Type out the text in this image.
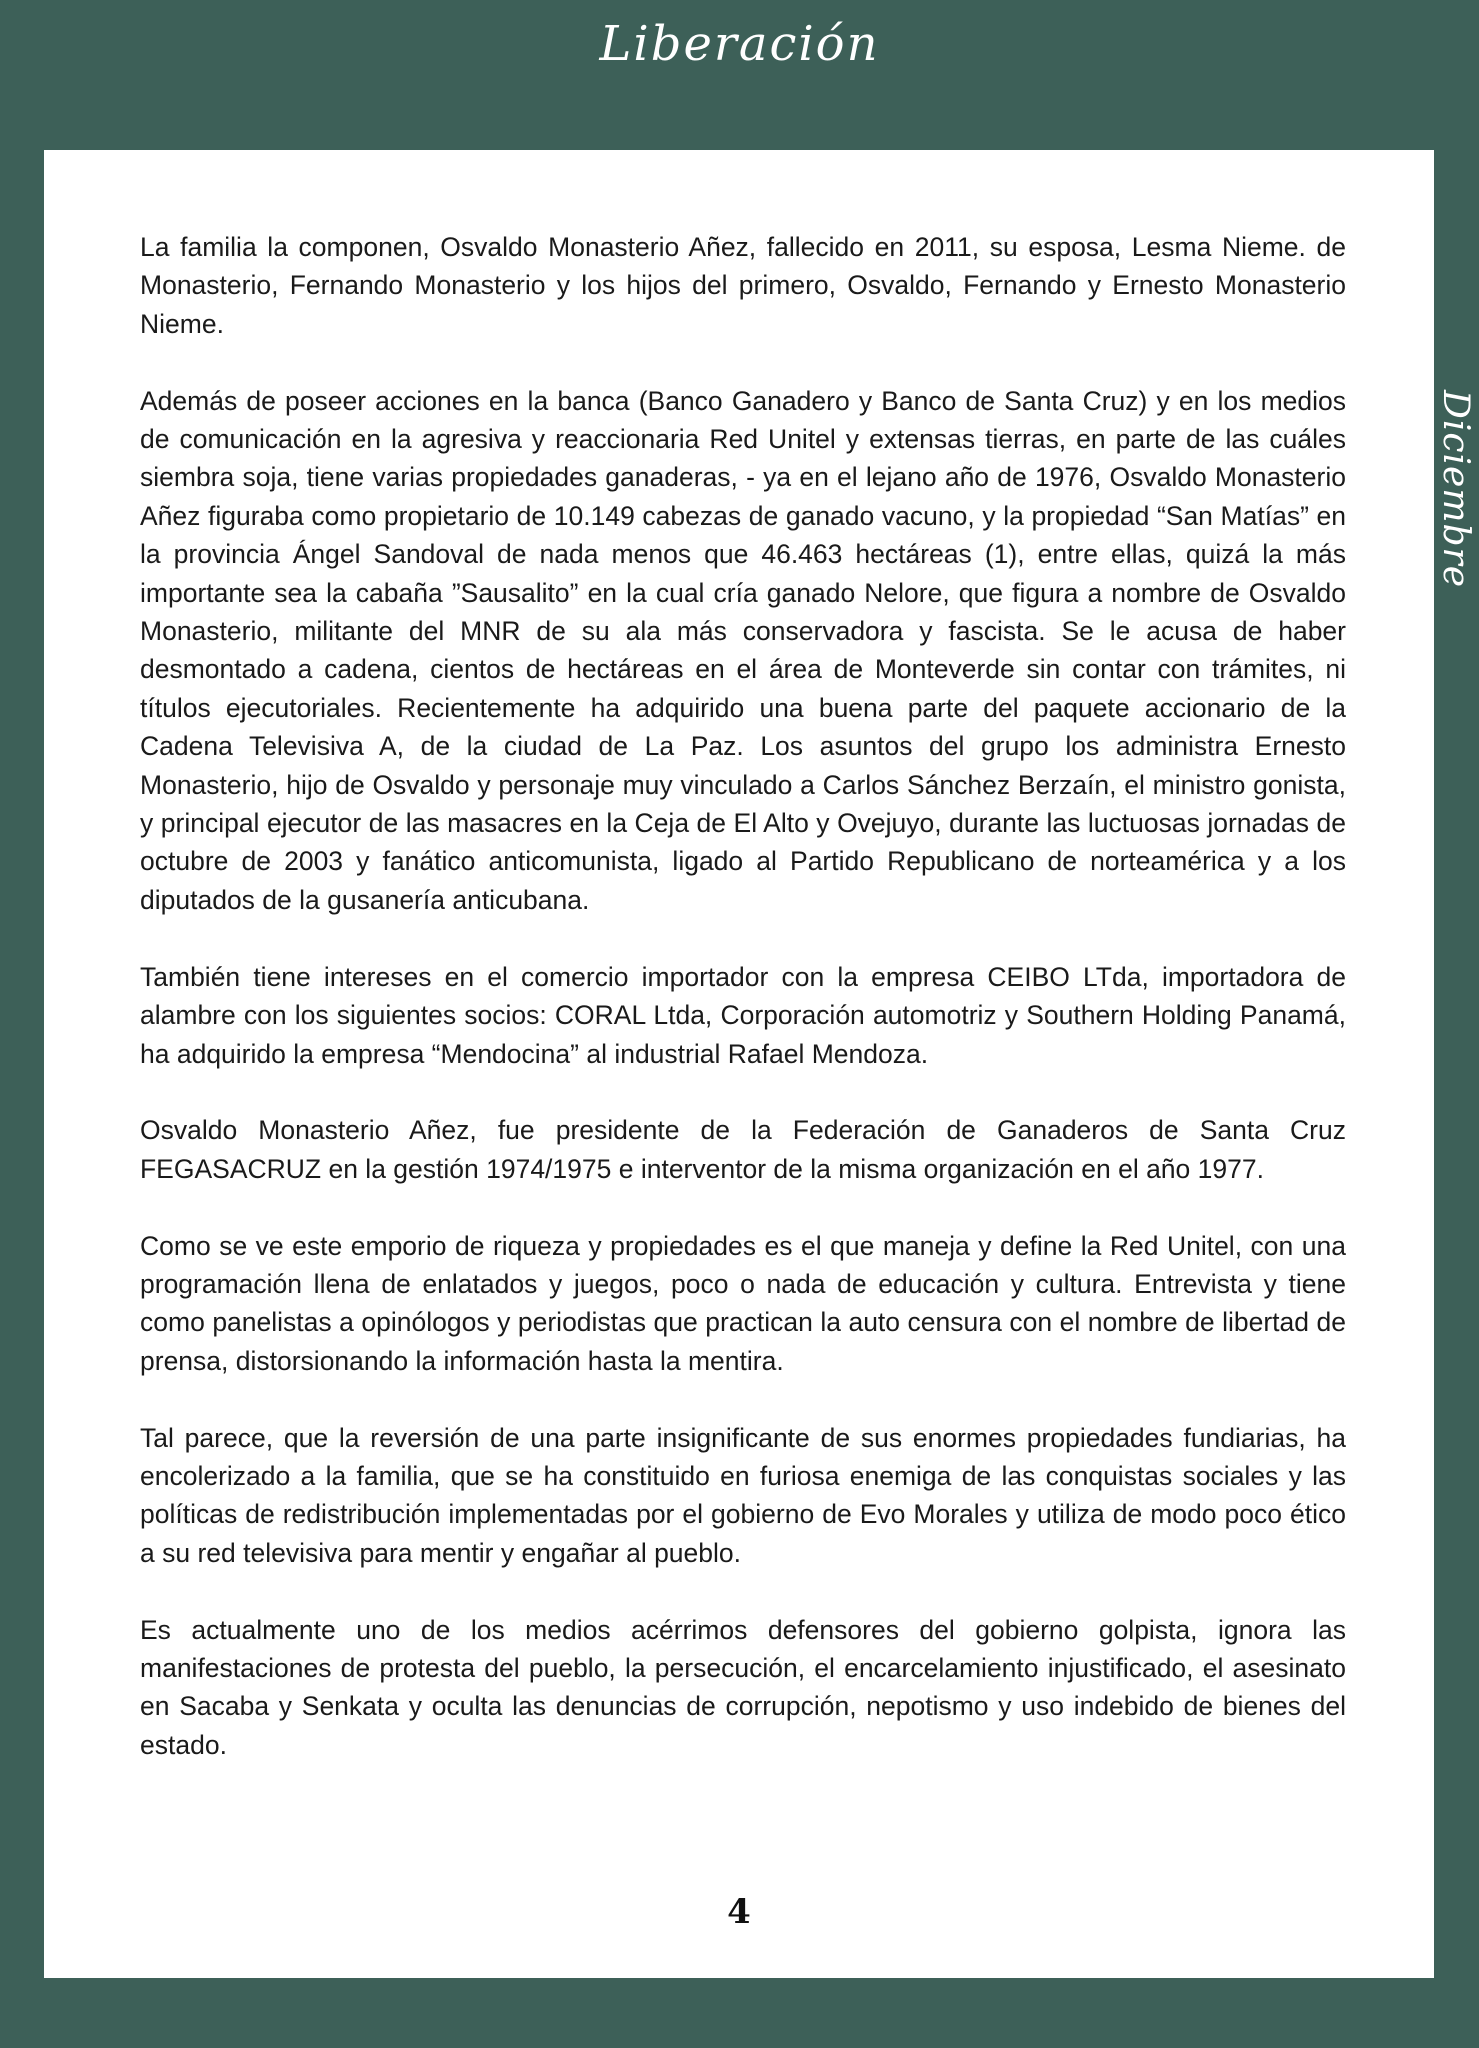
Liberación
Diciembre

La familia la componen, Osvaldo Monasterio Añez, fallecido en 2011, su esposa, Lesma Nieme. de Monasterio, Fernando Monasterio y los hijos del primero, Osvaldo, Fernando y Ernesto Monasterio Nieme.

Además de poseer acciones en la banca (Banco Ganadero y Banco de Santa Cruz) y en los medios de comunicación en la agresiva y reaccionaria Red Unitel y extensas tierras, en parte de las cuáles siembra soja, tiene varias propiedades ganaderas, - ya en el lejano año de 1976, Osvaldo Monasterio Añez figuraba como propietario de 10.149 cabezas de ganado vacuno, y la propiedad “San Matías” en la provincia Ángel Sandoval de nada menos que 46.463 hectáreas (1), entre ellas, quizá la más importante sea la cabaña ”Sausalito” en la cual cría ganado Nelore, que figura a nombre de Osvaldo Monasterio, militante del MNR de su ala más conservadora y fascista. Se le acusa de haber desmontado a cadena, cientos de hectáreas en el área de Monteverde sin contar con trámites, ni títulos ejecutoriales. Recientemente ha adquirido una buena parte del paquete accionario de la Cadena Televisiva A, de la ciudad de La Paz. Los asuntos del grupo los administra Ernesto Monasterio, hijo de Osvaldo y personaje muy vinculado a Carlos Sánchez Berzaín, el ministro gonista, y principal ejecutor de las masacres en la Ceja de El Alto y Ovejuyo, durante las luctuosas jornadas de octubre de 2003 y fanático anticomunista, ligado al Partido Republicano de norteamérica y a los diputados de la gusanería anticubana.

También tiene intereses en el comercio importador con la empresa CEIBO LTda, importadora de alambre con los siguientes socios: CORAL Ltda, Corporación automotriz y Southern Holding Panamá, ha adquirido la empresa “Mendocina” al industrial Rafael Mendoza.

Osvaldo Monasterio Añez, fue presidente de la Federación de Ganaderos de Santa Cruz FEGASACRUZ en la gestión 1974/1975 e interventor de la misma organización en el año 1977.

Como se ve este emporio de riqueza y propiedades es el que maneja y define la Red Unitel, con una programación llena de enlatados y juegos, poco o nada de educación y cultura. Entrevista y tiene como panelistas a opinólogos y periodistas que practican la auto censura con el nombre de libertad de prensa, distorsionando la información hasta la mentira.

Tal parece, que la reversión de una parte insignificante de sus enormes propiedades fundiarias, ha encolerizado a la familia, que se ha constituido en furiosa enemiga de las conquistas sociales y las políticas de redistribución implementadas por el gobierno de Evo Morales y utiliza de modo poco ético a su red televisiva para mentir y engañar al pueblo.

Es actualmente uno de los medios acérrimos defensores del gobierno golpista, ignora las manifestaciones de protesta del pueblo, la persecución, el encarcelamiento injustificado, el asesinato en Sacaba y Senkata y oculta las denuncias de corrupción, nepotismo y uso indebido de bienes del estado.

4
